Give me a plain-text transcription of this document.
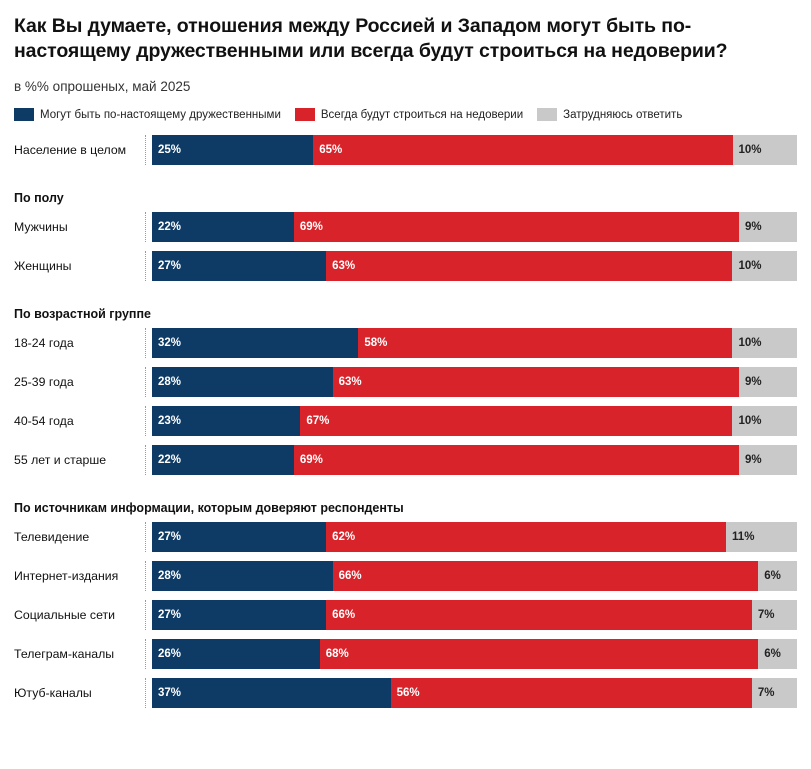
Как Вы думаете, отношения между Россией и Западом могут быть по-настоящему дружественными или всегда будут строиться на недоверии?
в %% опрошеных, май 2025
Могут быть по-настоящему дружественными	Всегда будут строиться на недоверии	Затрудняюсь ответить
Население в целом	25%	65%	10%
По полу
Мужчины	22%	69%	9%
Женщины	27%	63%	10%
По возрастной группе
18-24 года	32%	58%	10%
25-39 года	28%	63%	9%
40-54 года	23%	67%	10%
55 лет и старше	22%	69%	9%
По источникам информации, которым доверяют респонденты
Телевидение	27%	62%	11%
Интернет-издания	28%	66%	6%
Социальные сети	27%	66%	7%
Телеграм-каналы	26%	68%	6%
Ютуб-каналы	37%	56%	7%
